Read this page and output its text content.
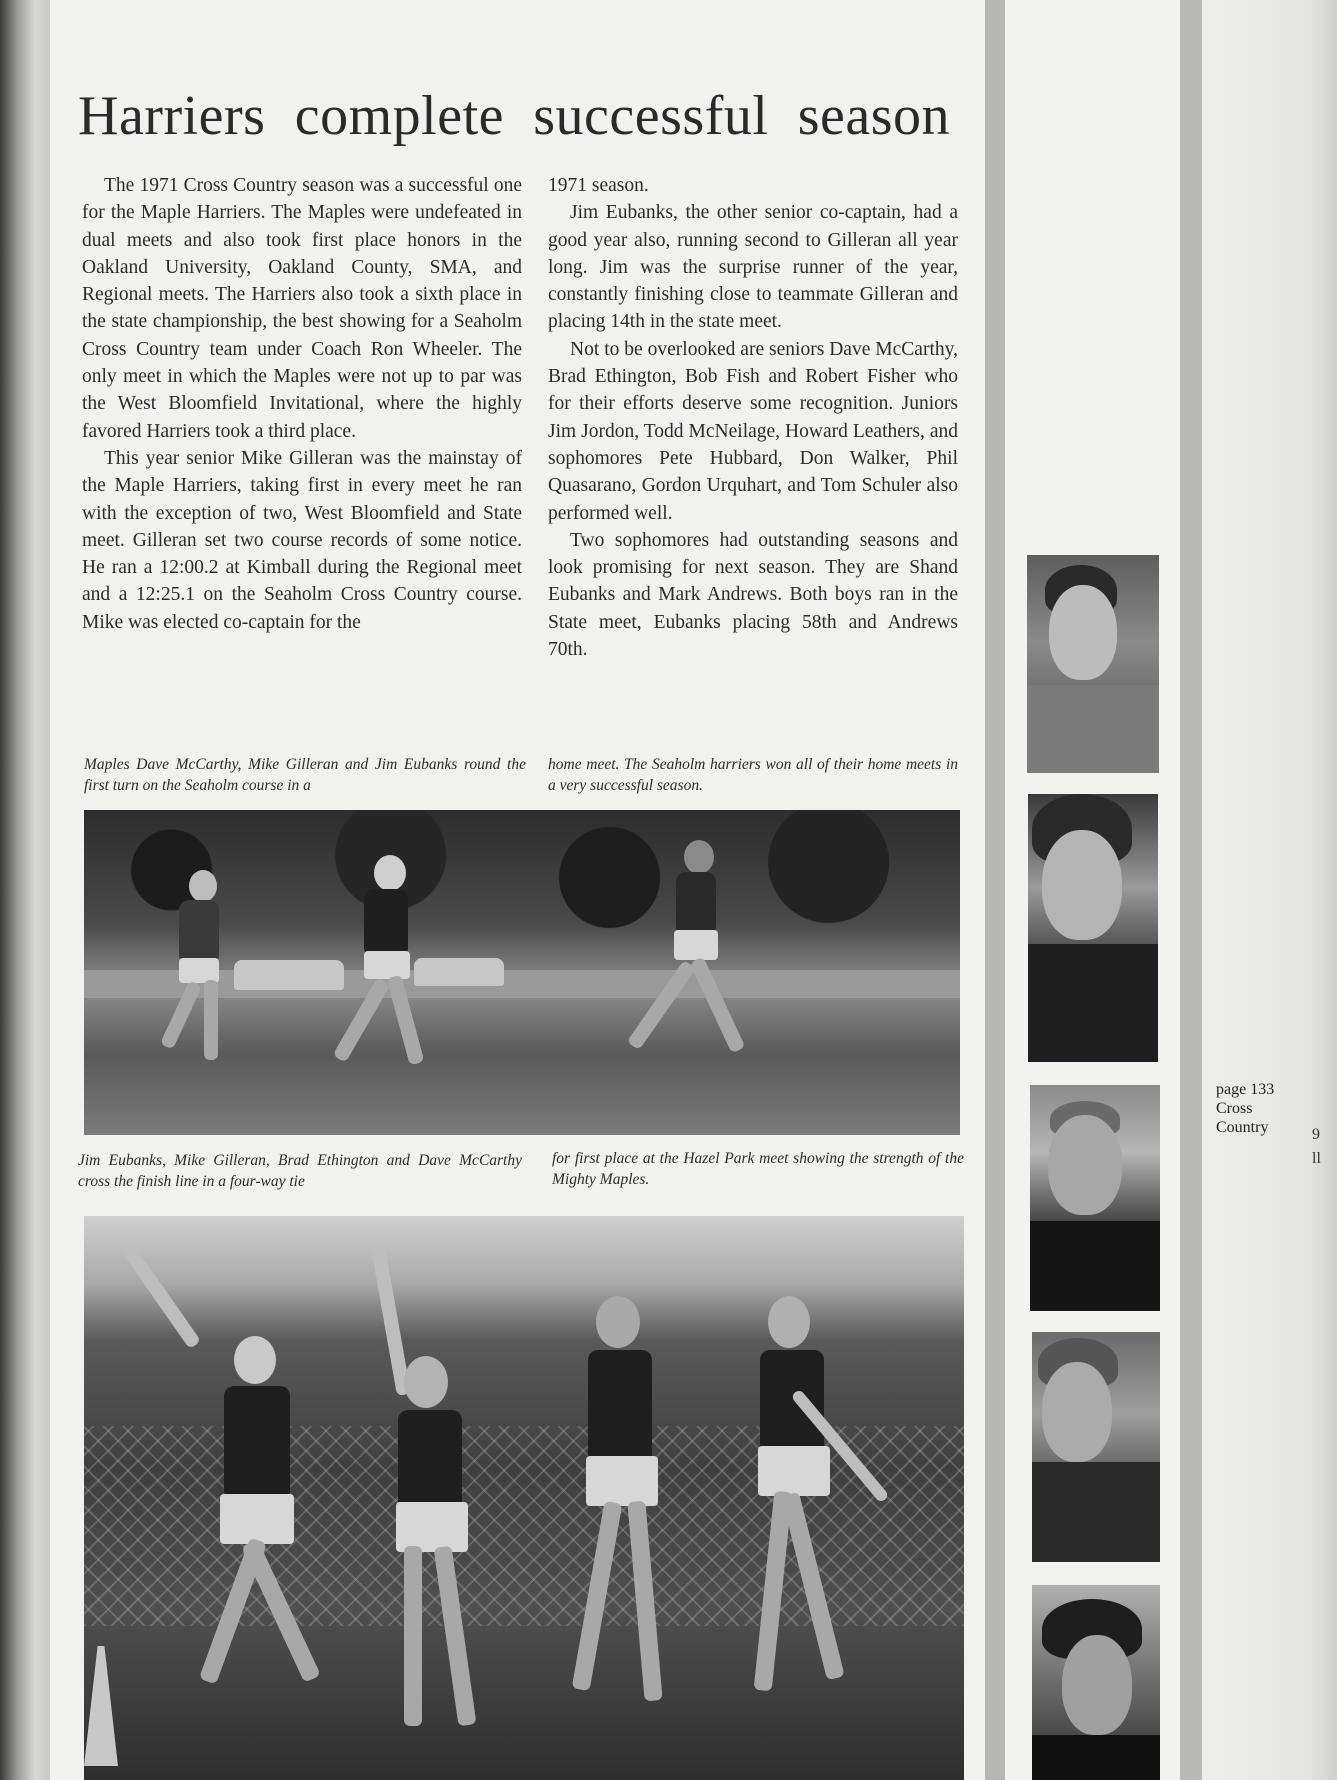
Harriers complete successful season

The 1971 Cross Country season was a successful one for the Maple Harriers. The Maples were undefeated in dual meets and also took first place honors in the Oakland University, Oakland County, SMA, and Regional meets. The Harriers also took a sixth place in the state championship, the best showing for a Seaholm Cross Country team under Coach Ron Wheeler. The only meet in which the Maples were not up to par was the West Bloomfield Invitational, where the highly favored Harriers took a third place.

This year senior Mike Gilleran was the mainstay of the Maple Harriers, taking first in every meet he ran with the exception of two, West Bloomfield and State meet. Gilleran set two course records of some notice. He ran a 12:00.2 at Kimball during the Regional meet and a 12:25.1 on the Seaholm Cross Country course. Mike was elected co-captain for the

1971 season.

Jim Eubanks, the other senior co-captain, had a good year also, running second to Gilleran all year long. Jim was the surprise runner of the year, constantly finishing close to teammate Gilleran and placing 14th in the state meet.

Not to be overlooked are seniors Dave McCarthy, Brad Ethington, Bob Fish and Robert Fisher who for their efforts deserve some recognition. Juniors Jim Jordon, Todd McNeilage, Howard Leathers, and sophomores Pete Hubbard, Don Walker, Phil Quasarano, Gordon Urquhart, and Tom Schuler also performed well.

Two sophomores had outstanding seasons and look promising for next season. They are Shand Eubanks and Mark Andrews. Both boys ran in the State meet, Eubanks placing 58th and Andrews 70th.

Maples Dave McCarthy, Mike Gilleran and Jim Eubanks round the first turn on the Seaholm course in a
home meet. The Seaholm harriers won all of their home meets in a very successful season.
Jim Eubanks, Mike Gilleran, Brad Ethington and Dave McCarthy cross the finish line in a four-way tie
for first place at the Hazel Park meet showing the strength of the Mighty Maples.
page 133
Cross
Country	9
ll
